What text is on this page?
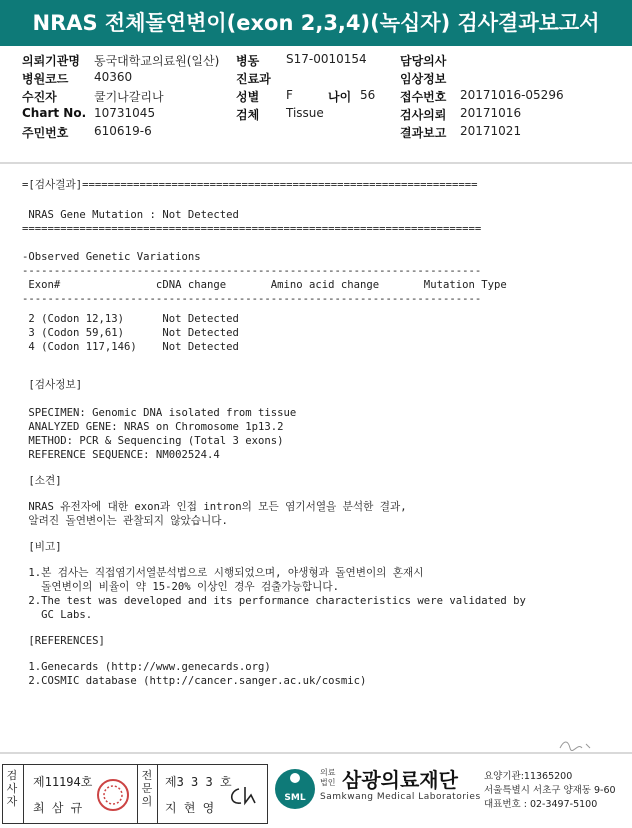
NRAS 전체돌연변이(exon 2,3,4)(녹십자) 검사결과보고서
의뢰기관명 동국대학교의료원(일산) 병동 S17-0010154	담당의사
병원코드 40360	진료과	임상정보
수진자	쿨기나갈리나	성별 F	나이 56 접수번호 20171016-05296
Chart No. 10731045	검체 Tissue	검사의뢰 20171016
주민번호 610619-6	결과보고 20171021
=[검사결과]==============================================================
NRAS Gene Mutation : Not Detected
========================================================================
-Observed Genetic Variations
------------------------------------------------------------------------
Exon#               cDNA change       Amino acid change       Mutation Type
------------------------------------------------------------------------
2 (Codon 12,13)      Not Detected
3 (Codon 59,61)      Not Detected
4 (Codon 117,146)    Not Detected
[검사정보]
SPECIMEN: Genomic DNA isolated from tissue
ANALYZED GENE: NRAS on Chromosome 1p13.2
METHOD: PCR & Sequencing (Total 3 exons)
REFERENCE SEQUENCE: NM002524.4
[소견]
NRAS 유전자에 대한 exon과 인접 intron의 모든 염기서열을 분석한 결과,
알려진 돌연변이는 관찰되지 않았습니다.
[비고]
1.본 검사는 직접염기서열분석법으로 시행되었으며, 야생형과 돌연변이의 혼재시
돌연변이의 비율이 약 15-20% 이상인 경우 검출가능합니다.
2.The test was developed and its performance characteristics were validated by
GC Labs.
[REFERENCES]
1.Genecards (http://www.genecards.org)
2.COSMIC database (http://cancer.sanger.ac.uk/cosmic)
검사자
제11194호
최 삼 규
전문의
제3 3 3 호
지 현 영
SML
의료법인 삼광의료재단
Samkwang Medical Laboratories
요양기관:11365200
서울특별시 서초구 양재동 9-60
대표번호 : 02-3497-5100
